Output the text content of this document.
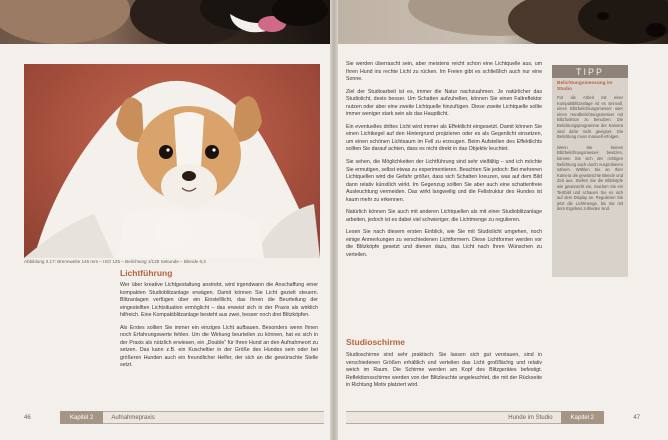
Abbildung 2.17: Brennweite 145 mm – ISO 125 – Belichtung 1/125 Sekunde – Blende 6,3
Lichtführung

Wer über kreative Lichtgestaltung anstrebt, wird irgendwann die Anschaffung einer kompakten Studioblitzanlage erwägen. Damit können Sie Licht gezielt steuern. Blitzanlagen verfügen über ein Einstelllicht, das Ihnen die Beurteilung der eingestellten Lichtsituation ermöglicht – das erweist sich in der Praxis als wirklich hilfreich. Eine Kompaktblitzanlage besteht aus zwei, besser noch drei Blitzköpfen.

Als Erstes sollten Sie immer ein einziges Licht aufbauen. Besonders wenn Ihnen noch Erfahrungswerte fehlen. Um die Wirkung beurteilen zu können, hat es sich in der Praxis als nützlich erwiesen, ein „Double“ für Ihren Hund an den Aufnahmeort zu setzen. Das kann z.B. ein Kuscheltier in der Größe des Hundes sein oder bei größeren Hunden auch ein freundlicher Helfer, der sich an die gewünschte Stelle setzt.

Sie werden überrascht sein, aber meistens reicht schon eine Lichtquelle aus, um Ihren Hund ins rechte Licht zu rücken. Im Freien gibt es schließlich auch nur eine Sonne.

Ziel der Studioarbeit ist es, immer die Natur nachzuahmen. Je natürlicher das Studiolicht, desto besser. Um Schatten aufzuhellen, können Sie einen Faltreflektor nutzen oder aber eine zweite Lichtquelle hinzufügen. Diese zweite Lichtquelle sollte immer weniger stark sein als das Hauptlicht.

Ein eventuelles drittes Licht wird immer als Effektlicht eingesetzt. Damit können Sie einen Lichtkegel auf den Hintergrund projizieren oder es als Gegenlicht einsetzen, um einen schönen Lichtsaum im Fell zu erzeugen. Beim Aufstellen des Effektlichts sollten Sie darauf achten, dass es nicht direkt in das Objektiv leuchtet.

Sie sehen, die Möglichkeiten der Lichtführung sind sehr vielfältig – und ich möchte Sie ermutigen, selbst etwas zu experimentieren. Beachten Sie jedoch: Bei mehreren Lichtquellen wird die Gefahr größer, dass sich Schatten kreuzen, was auf dem Bild dann relativ künstlich wirkt. Im Gegenzug sollten Sie aber auch eine schattenfreie Ausleuchtung vermeiden. Das wirkt langweilig und die Fellstruktur des Hundes ist kaum mehr zu erkennen.

Natürlich können Sie auch mit anderen Lichtquellen als mit einer Studioblitzanlage arbeiten, jedoch ist es dabei viel schwieriger, die Lichtmenge zu regulieren.

Lesen Sie nach diesem ersten Einblick, wie Sie mit Studiolicht umgehen, noch einige Anmerkungen zu verschiedenen Lichtformern. Diese Lichtformer werden vor die Blitzköpfe gesetzt und dienen dazu, das Licht nach Ihren Wünschen zu verteilen.

Studioschirme

Studioschirme sind sehr praktisch: Sie lassen sich gut verstauen, sind in verschiedenen Größen erhältlich und verteilen das Licht großflächig und relativ weich im Raum. Die Schirme werden am Kopf des Blitzgerätes befestigt. Reflektionsschirme werden von der Blitzleuchte angeleuchtet, die mit der Rückseite in Richtung Motiv platziert wird.

TIPP
Belichtungsmessung im Studio
Für die Arbeit mit einer Kompaktblitzanlage ist es sinnvoll, einen Blitzbelichtungsmesser oder einen Handbelichtungsmesser mit Blitzfunktion zu benutzen. Die Belichtungsprogramme der Kamera sind dafür nicht geeignet. Die Belichtung muss manuell erfolgen.
Wenn Sie keinen Blitzbelichtungsmesser besitzen, können Sie sich der richtigen Belichtung auch durch Ausprobieren nähern. Wählen Sie an Ihrer Kamera die gewünschte Blende und Zeit aus. Stellen Sie die Blitzköpfe wie gewünscht ein, machen Sie ein Testbild und schauen Sie es sich auf dem Display an. Regulieren Sie jetzt die Lichtmenge, bis Sie mit dem Ergebnis zufrieden sind.
46	Kapitel 2	Aufnahmepraxis	Hunde im Studio	Kapitel 2	47
